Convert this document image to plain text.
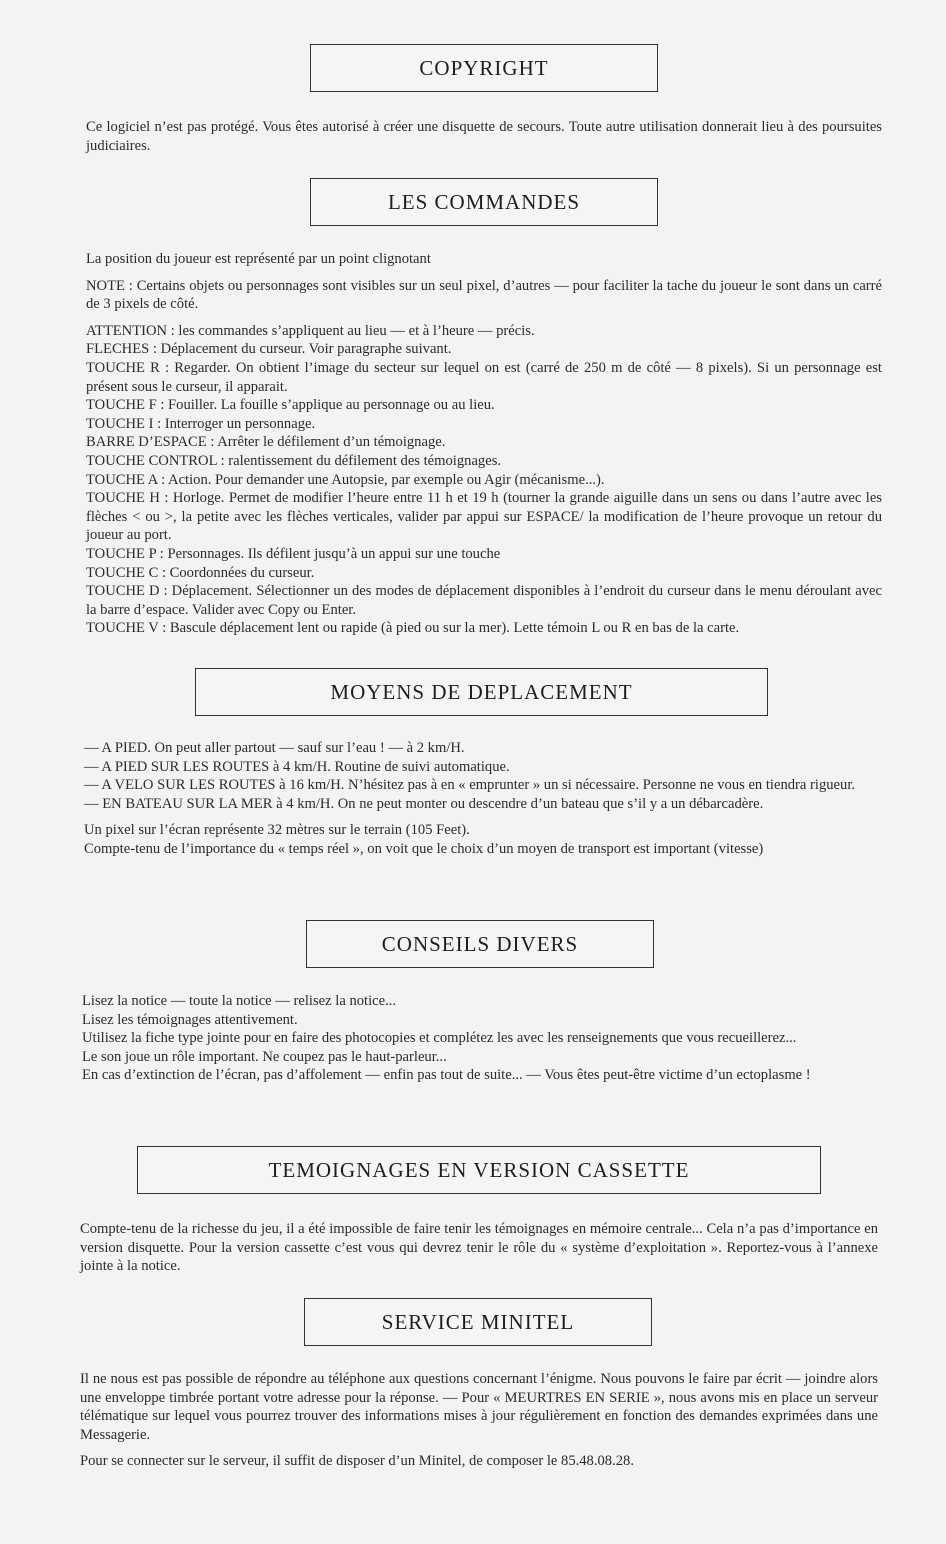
COPYRIGHT

Ce logiciel n’est pas protégé. Vous êtes autorisé à créer une disquette de secours. Toute autre utilisation donnerait lieu à des poursuites judiciaires.

LES COMMANDES

La position du joueur est représenté par un point clignotant

NOTE : Certains objets ou personnages sont visibles sur un seul pixel, d’autres — pour faciliter la tache du joueur le sont dans un carré de 3 pixels de côté.

ATTENTION : les commandes s’appliquent au lieu — et à l’heure — précis.

FLECHES : Déplacement du curseur. Voir paragraphe suivant.

TOUCHE R : Regarder. On obtient l’image du secteur sur lequel on est (carré de 250 m de côté — 8 pixels). Si un personnage est présent sous le curseur, il apparait.

TOUCHE F : Fouiller. La fouille s’applique au personnage ou au lieu.

TOUCHE I : Interroger un personnage.

BARRE D’ESPACE : Arrêter le défilement d’un témoignage.

TOUCHE CONTROL : ralentissement du défilement des témoignages.

TOUCHE A : Action. Pour demander une Autopsie, par exemple ou Agir (mécanisme...).

TOUCHE H : Horloge. Permet de modifier l’heure entre 11 h et 19 h (tourner la grande aiguille dans un sens ou dans l’autre avec les flèches < ou >, la petite avec les flèches verticales, valider par appui sur ESPACE/ la modification de l’heure provoque un retour du joueur au port.

TOUCHE P : Personnages. Ils défilent jusqu’à un appui sur une touche

TOUCHE C : Coordonnées du curseur.

TOUCHE D : Déplacement. Sélectionner un des modes de déplacement disponibles à l’endroit du curseur dans le menu déroulant avec la barre d’espace. Valider avec Copy ou Enter.

TOUCHE V : Bascule déplacement lent ou rapide (à pied ou sur la mer). Lette témoin L ou R en bas de la carte.

MOYENS DE DEPLACEMENT

— A PIED. On peut aller partout — sauf sur l’eau ! — à 2 km/H.

— A PIED SUR LES ROUTES à 4 km/H. Routine de suivi automatique.

— A VELO SUR LES ROUTES à 16 km/H. N’hésitez pas à en « emprunter » un si nécessaire. Personne ne vous en tiendra rigueur.

— EN BATEAU SUR LA MER à 4 km/H. On ne peut monter ou descendre d’un bateau que s’il y a un débarcadère.

Un pixel sur l’écran représente 32 mètres sur le terrain (105 Feet).

Compte-tenu de l’importance du « temps réel », on voit que le choix d’un moyen de transport est important (vitesse)

CONSEILS DIVERS

Lisez la notice — toute la notice — relisez la notice...

Lisez les témoignages attentivement.

Utilisez la fiche type jointe pour en faire des photocopies et complétez les avec les renseignements que vous recueillerez...

Le son joue un rôle important. Ne coupez pas le haut-parleur...

En cas d’extinction de l’écran, pas d’affolement — enfin pas tout de suite... — Vous êtes peut-être victime d’un ectoplasme !

TEMOIGNAGES EN VERSION CASSETTE

Compte-tenu de la richesse du jeu, il a été impossible de faire tenir les témoignages en mémoire centrale... Cela n’a pas d’importance en version disquette. Pour la version cassette c’est vous qui devrez tenir le rôle du « système d’exploitation ». Reportez-vous à l’annexe jointe à la notice.

SERVICE MINITEL

Il ne nous est pas possible de répondre au téléphone aux questions concernant l’énigme. Nous pouvons le faire par écrit — joindre alors une enveloppe timbrée portant votre adresse pour la réponse. — Pour « MEURTRES EN SERIE », nous avons mis en place un serveur télématique sur lequel vous pourrez trouver des informations mises à jour régulièrement en fonction des demandes exprimées dans une Messagerie.

Pour se connecter sur le serveur, il suffit de disposer d’un Minitel, de composer le 85.48.08.28.
